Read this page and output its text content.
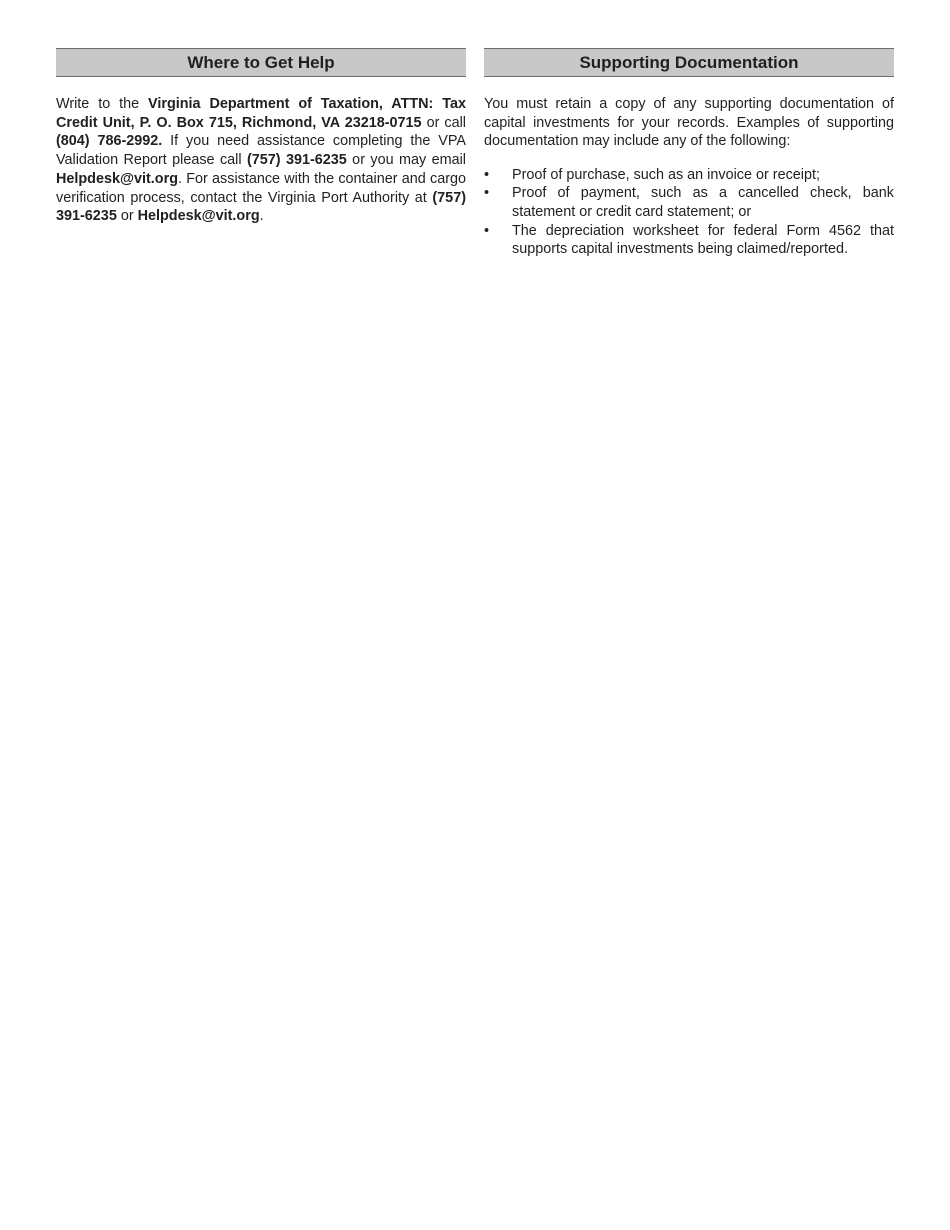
Where to Get Help

Write to the Virginia Department of Taxation, ATTN: Tax Credit Unit, P. O. Box 715, Richmond, VA 23218-0715 or call (804) 786-2992. If you need assistance completing the VPA Validation Report please call (757) 391-6235 or you may email Helpdesk@vit.org. For assistance with the container and cargo verification process, contact the Virginia Port Authority at (757) 391-6235 or Helpdesk@vit.org.

Supporting Documentation

You must retain a copy of any supporting documentation of capital investments for your records. Examples of supporting documentation may include any of the following:

• Proof of purchase, such as an invoice or receipt;
• Proof of payment, such as a cancelled check, bank statement or credit card statement; or
• The depreciation worksheet for federal Form 4562 that supports capital investments being claimed/reported.
